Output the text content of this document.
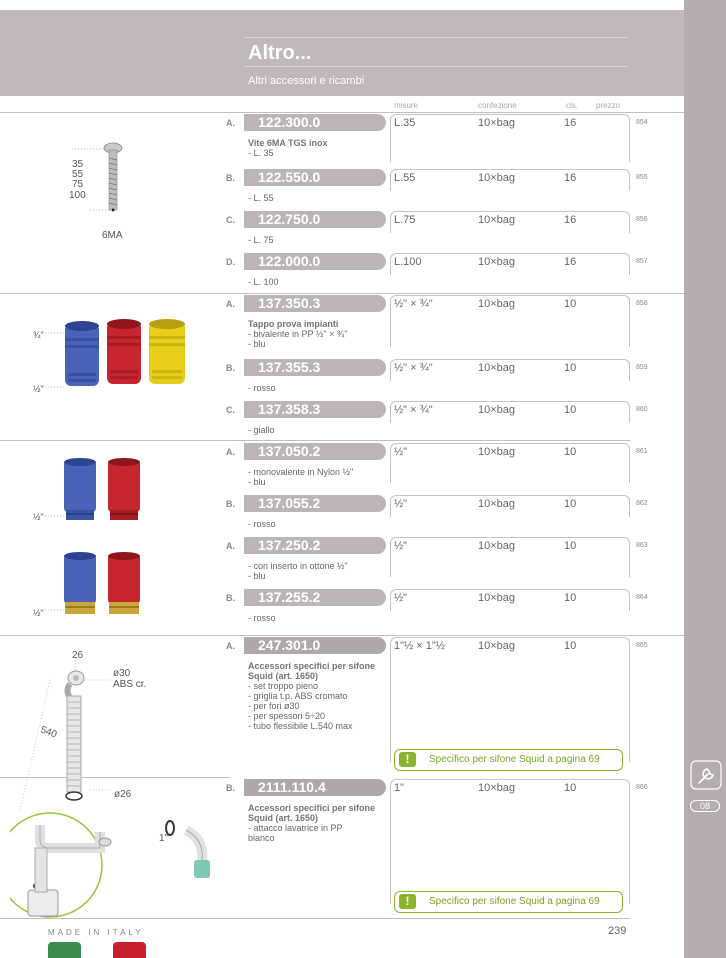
Altro...
Altri accessori e ricambi
08
misure	confezione	cls. prezzo
A.	122.300.0	L.35	10×bag	16	854
B.	122.550.0	L.55	10×bag	16	855
C.	122.750.0	L.75	10×bag	16	856
D.	122.000.0	L.100	10×bag	16	857
A.	137.350.3	½" × ¾"	10×bag	10	858
B.	137.355.3	½" × ¾"	10×bag	10	859
C.	137.358.3	½" × ¾"	10×bag	10	860
A.	137.050.2	½"	10×bag	10	861
B.	137.055.2	½"	10×bag	10	862
A.	137.250.2	½"	10×bag	10	863
B.	137.255.2	½"	10×bag	10	864
A.	247.301.0	1"½ × 1"½	10×bag	10	865
B.	2111.110.4	1"	10×bag	10	866
Vite 6MA TGS inox
- L. 35
- L. 55
- L. 75
- L. 100
Tappo prova impianti
- bivalente in PP ½" × ¾"
- blu
- rosso
- giallo
- monovalente in Nylon ½"
- blu
- rosso
- con inserto in ottone ½"
- blu
- rosso
Accessori specifici per sifone
Squid (art. 1650)
- set troppo pieno
- griglia t.p. ABS cromato
- per fori ø30
- per spessori 5÷20
- tubo flessibile L.540 max
Accessori specifici per sifone
Squid (art. 1650)
- attacco lavatrice in PP
bianco
!	Specifico per sifone Squid a pagina 69
!	Specifico per sifone Squid a pagina 69
35
55
75
100
6MA
¾"
½"
½"
½"
26
ø30
ABS cr.
540
ø26
1"
MADE IN ITALY	239
